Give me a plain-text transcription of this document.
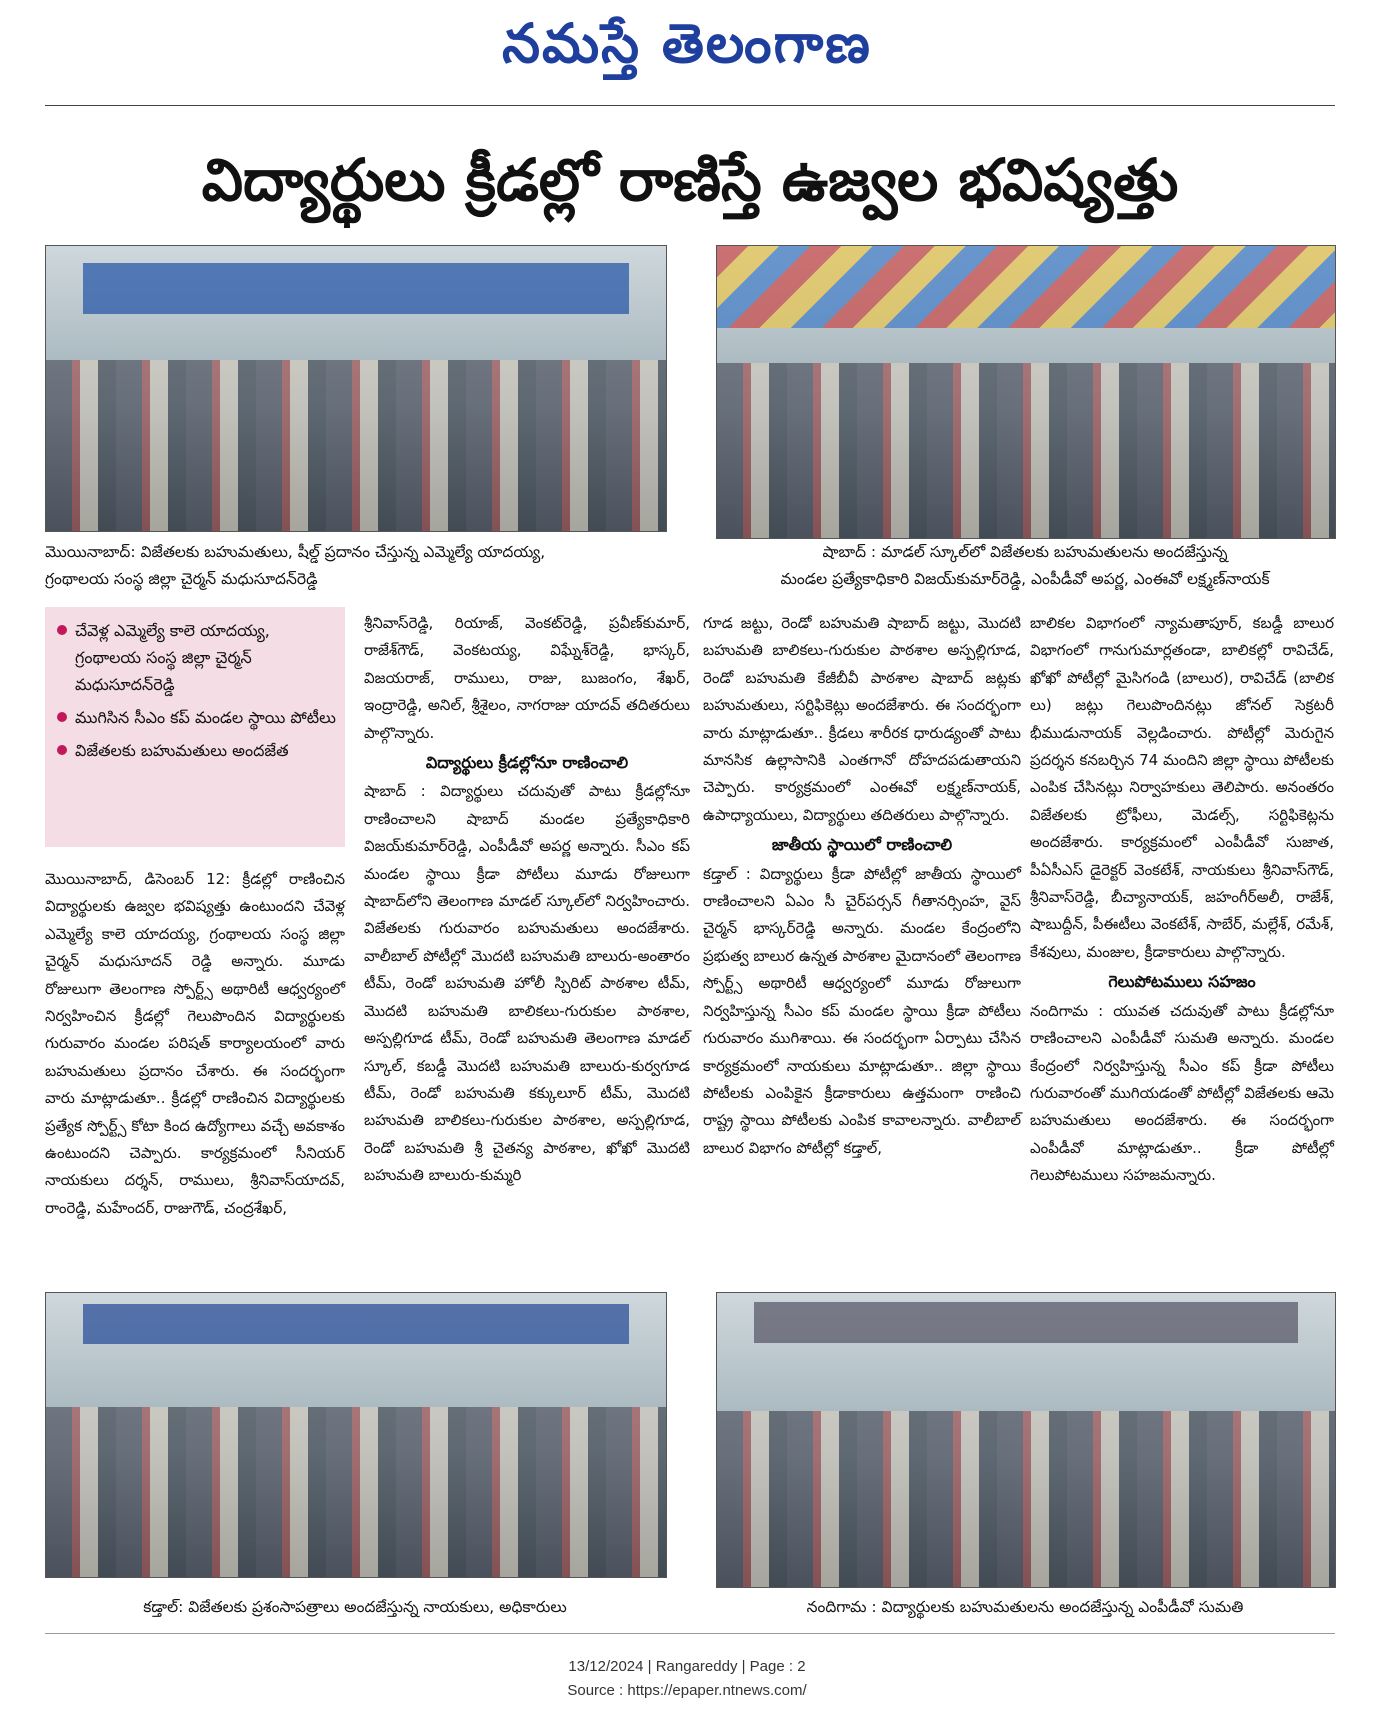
నమస్తే తెలంగాణ
విద్యార్థులు క్రీడల్లో రాణిస్తే ఉజ్వల భవిష్యత్తు
మొయినాబాద్: విజేతలకు బహుమతులు, షీల్డ్ ప్రదానం చేస్తున్న ఎమ్మెల్యే యాదయ్య,
గ్రంథాలయ సంస్థ జిల్లా చైర్మన్ మధుసూదన్‌రెడ్డి
షాబాద్ : మాడల్ స్కూల్‌లో విజేతలకు బహుమతులను అందజేస్తున్న
మండల ప్రత్యేకాధికారి విజయ్‌కుమార్‌రెడ్డి, ఎంపీడీవో అపర్ణ, ఎంఈవో లక్ష్మణ్‌నాయక్
చేవెళ్ల ఎమ్మెల్యే కాలె యాదయ్య, గ్రంథాలయ సంస్థ జిల్లా చైర్మన్ మధుసూదన్‌రెడ్డి
ముగిసిన సీఎం కప్ మండల స్థాయి పోటీలు
విజేతలకు బహుమతులు అందజేత

మొయినాబాద్, డిసెంబర్ 12: క్రీడల్లో రాణించిన విద్యార్థులకు ఉజ్వల భవిష్యత్తు ఉంటుందని చేవెళ్ల ఎమ్మెల్యే కాలె యాదయ్య, గ్రంథాలయ సంస్థ జిల్లా చైర్మన్ మధుసూదన్ రెడ్డి అన్నారు. మూడు రోజులుగా తెలంగాణ స్పోర్ట్స్ అథారిటీ ఆధ్వర్యంలో నిర్వహించిన క్రీడల్లో గెలుపొందిన విద్యార్థులకు గురువారం మండల పరిషత్ కార్యాలయంలో వారు బహుమతులు ప్రదానం చేశారు. ఈ సందర్భంగా వారు మాట్లాడుతూ.. క్రీడల్లో రాణించిన విద్యార్థులకు ప్రత్యేక స్పోర్ట్స్ కోటా కింద ఉద్యోగాలు వచ్చే అవకాశం ఉంటుందని చెప్పారు. కార్యక్రమంలో సీనియర్ నాయకులు దర్శన్, రాములు, శ్రీనివాస్‌యాదవ్, రాంరెడ్డి, మహేందర్, రాజుగౌడ్, చంద్రశేఖర్,

శ్రీనివాస్‌రెడ్డి, రియాజ్, వెంకట్‌రెడ్డి, ప్రవీణ్‌కుమార్, రాజేశ్‌గౌడ్, వెంకటయ్య, విఘ్నేశ్‌రెడ్డి, భాస్కర్, విజయరాజ్, రాములు, రాజు, బుజంగం, శేఖర్, ఇంద్రారెడ్డి, అనిల్, శ్రీశైలం, నాగరాజు యాదవ్ తదితరులు పాల్గొన్నారు.

విద్యార్థులు క్రీడల్లోనూ రాణించాలి

షాబాద్ : విద్యార్థులు చదువుతో పాటు క్రీడల్లోనూ రాణించాలని షాబాద్ మండల ప్రత్యేకాధికారి విజయ్‌కుమార్‌రెడ్డి, ఎంపీడీవో అపర్ణ అన్నారు. సీఎం కప్ మండల స్థాయి క్రీడా పోటీలు మూడు రోజులుగా షాబాద్‌లోని తెలంగాణ మాడల్ స్కూల్‌లో నిర్వహించారు. విజేతలకు గురువారం బహుమతులు అందజేశారు. వాలీబాల్ పోటీల్లో మొదటి బహుమతి బాలురు-అంతారం టీమ్, రెండో బహుమతి హోలీ స్పిరిట్ పాఠశాల టీమ్, మొదటి బహుమతి బాలికలు-గురుకుల పాఠశాల, అస్పల్లిగూడ టీమ్, రెండో బహుమతి తెలంగాణ మాడల్ స్కూల్, కబడ్డీ మొదటి బహుమతి బాలురు-కుర్వగూడ టీమ్, రెండో బహుమతి కక్కులూర్ టీమ్, మొదటి బహుమతి బాలికలు-గురుకుల పాఠశాల, అస్పల్లిగూడ, రెండో బహుమతి శ్రీ చైతన్య పాఠశాల, ఖోఖో మొదటి బహుమతి బాలురు-కుమ్మరి

గూడ జట్టు, రెండో బహుమతి షాబాద్ జట్టు, మొదటి బహుమతి బాలికలు-గురుకుల పాఠశాల అస్పల్లిగూడ, రెండో బహుమతి కేజీబీవీ పాఠశాల షాబాద్ జట్లకు బహుమతులు, సర్టిఫికెట్లు అందజేశారు. ఈ సందర్భంగా వారు మాట్లాడుతూ.. క్రీడలు శారీరక ధారుడ్యంతో పాటు మానసిక ఉల్లాసానికి ఎంతగానో దోహదపడుతాయని చెప్పారు. కార్యక్రమంలో ఎంఈవో లక్ష్మణ్‌నాయక్, ఉపాధ్యాయులు, విద్యార్థులు తదితరులు పాల్గొన్నారు.

జాతీయ స్థాయిలో రాణించాలి

కడ్తాల్ : విద్యార్థులు క్రీడా పోటీల్లో జాతీయ స్థాయిలో రాణించాలని ఏఎం సీ చైర్‌పర్సన్ గీతానర్సింహ, వైస్ చైర్మన్ భాస్కర్‌రెడ్డి అన్నారు. మండల కేంద్రంలోని ప్రభుత్వ బాలుర ఉన్నత పాఠశాల మైదానంలో తెలంగాణ స్పోర్ట్స్ అథారిటీ ఆధ్వర్యంలో మూడు రోజులుగా నిర్వహిస్తున్న సీఎం కప్ మండల స్థాయి క్రీడా పోటీలు గురువారం ముగిశాయి. ఈ సందర్భంగా ఏర్పాటు చేసిన కార్యక్రమంలో నాయకులు మాట్లాడుతూ.. జిల్లా స్థాయి పోటీలకు ఎంపికైన క్రీడాకారులు ఉత్తమంగా రాణించి రాష్ట్ర స్థాయి పోటీలకు ఎంపిక కావాలన్నారు. వాలీబాల్ బాలుర విభాగం పోటీల్లో కడ్తాల్,

బాలికల విభాగంలో న్యామతాపూర్, కబడ్డీ బాలుర విభాగంలో గానుగుమార్లతండా, బాలికల్లో రావిచేడ్, ఖోఖో పోటీల్లో మైసిగండి (బాలుర), రావిచేడ్ (బాలిక లు) జట్లు గెలుపొందినట్లు జోనల్ సెక్రటరీ భీముడునాయక్ వెల్లడించారు. పోటీల్లో మెరుగైన ప్రదర్శన కనబర్చిన 74 మందిని జిల్లా స్థాయి పోటీలకు ఎంపిక చేసినట్లు నిర్వాహకులు తెలిపారు. అనంతరం విజేతలకు ట్రోఫీలు, మెడల్స్, సర్టిఫికెట్లను అందజేశారు. కార్యక్రమంలో ఎంపీడీవో సుజాత, పీఏసీఎస్ డైరెక్టర్ వెంకటేశ్, నాయకులు శ్రీనివాస్‌గౌడ్, శ్రీనివాస్‌రెడ్డి, బీచ్యానాయక్, జహంగీర్‌అలీ, రాజేశ్, షాబుద్దీన్, పీఈటీలు వెంకటేశ్, సాబేర్, మల్లేశ్, రమేశ్, కేశవులు, మంజుల, క్రీడాకారులు పాల్గొన్నారు.

గెలుపోటములు సహజం

నందిగామ : యువత చదువుతో పాటు క్రీడల్లోనూ రాణించాలని ఎంపీడీవో సుమతి అన్నారు. మండల కేంద్రంలో నిర్వహిస్తున్న సీఎం కప్ క్రీడా పోటీలు గురువారంతో ముగియడంతో పోటీల్లో విజేతలకు ఆమె బహుమతులు అందజేశారు. ఈ సందర్భంగా ఎంపీడీవో మాట్లాడుతూ.. క్రీడా పోటీల్లో గెలుపోటములు సహజమన్నారు.

కడ్తాల్: విజేతలకు ప్రశంసాపత్రాలు అందజేస్తున్న నాయకులు, అధికారులు	నందిగామ : విద్యార్థులకు బహుమతులను అందజేస్తున్న ఎంపీడీవో సుమతి
13/12/2024 | Rangareddy | Page : 2
Source : https://epaper.ntnews.com/
